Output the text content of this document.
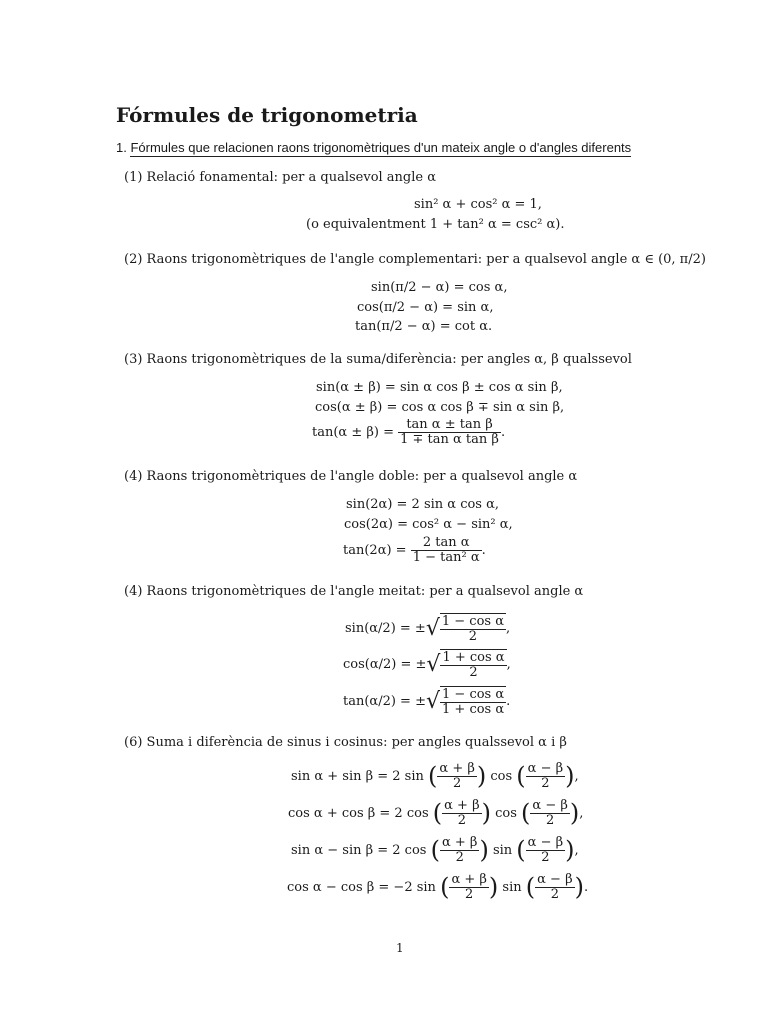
Fórmules de trigonometria
1. Fórmules que relacionen raons trigonomètriques d'un mateix angle o d'angles diferents
(1) Relació fonamental: per a qualsevol angle α
sin² α + cos² α = 1,
(o equivalentment 1 + tan² α = csc² α).
(2) Raons trigonomètriques de l'angle complementari: per a qualsevol angle α ∈ (0, π/2)
sin(π/2 − α) = cos α,
cos(π/2 − α) = sin α,
tan(π/2 − α) = cot α.
(3) Raons trigonomètriques de la suma/diferència: per angles α, β qualssevol
sin(α ± β) = sin α cos β ± cos α sin β,
cos(α ± β) = cos α cos β ∓ sin α sin β,
$\tan(\alpha \pm \beta) = \frac{\text{tan α ± tan β}}{\text{1 ∓ tan α tan β}}$ .
(4) Raons trigonomètriques de l'angle doble: per a qualsevol angle α
sin(2α) = 2 sin α cos α,
cos(2α) = cos² α − sin² α,
$\tan(2\alpha) = \frac{\text{2 tan α}}{\text{1 − tan² α}}$ .
(4) Raons trigonomètriques de l'angle meitat: per a qualsevol angle α
sin(α/2) = ±√ $\frac{\text{1 − cos α}}{2}$ ,
cos(α/2) = ±√ $\frac{\text{1 + cos α}}{2}$ ,
tan(α/2) = ±√ $\frac{\text{1 − cos α}}{\text{1 + cos α}}$ .
(6) Suma i diferència de sinus i cosinus: per angles qualssevol α i β
sin α + sin β = 2 sin ( $\frac{\alpha + \beta}{2}$ ) cos ( $\frac{\alpha - \beta}{2}$ ),
cos α + cos β = 2 cos ( $\frac{\alpha + \beta}{2}$ ) cos ( $\frac{\alpha - \beta}{2}$ ),
sin α − sin β = 2 cos ( $\frac{\alpha + \beta}{2}$ ) sin ( $\frac{\alpha - \beta}{2}$ ),
cos α − cos β = −2 sin ( $\frac{\alpha + \beta}{2}$ ) sin ( $\frac{\alpha - \beta}{2}$ ).
1
